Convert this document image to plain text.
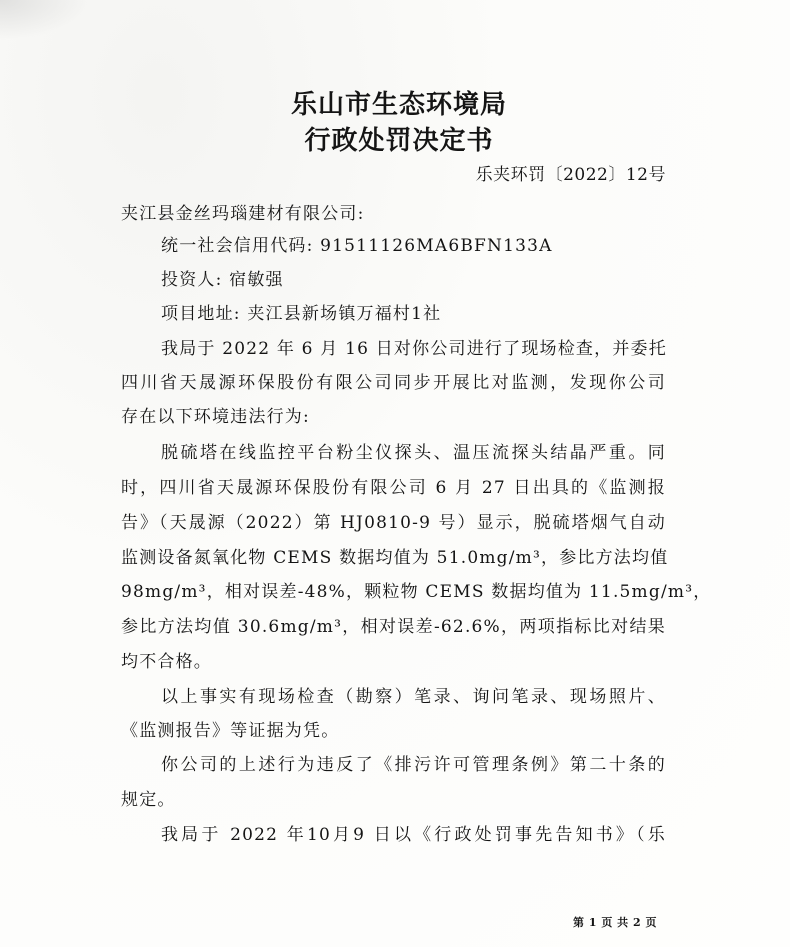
乐山市生态环境局
行政处罚决定书
乐夹环罚〔2022〕12号
夹江县金丝玛瑙建材有限公司:
统一社会信用代码: 91511126MA6BFN133A
投资人: 宿敏强
项目地址: 夹江县新场镇万福村1社
我局于 2022 年 6 月 16 日对你公司进行了现场检查，并委托
四川省天晟源环保股份有限公司同步开展比对监测，发现你公司
存在以下环境违法行为:
脱硫塔在线监控平台粉尘仪探头、温压流探头结晶严重。同
时，四川省天晟源环保股份有限公司 6 月 27 日出具的《监测报
告》（天晟源（2022）第 HJ0810-9 号）显示，脱硫塔烟气自动
监测设备氮氧化物 CEMS 数据均值为 51.0mg/m³，参比方法均值
98mg/m³，相对误差-48%，颗粒物 CEMS 数据均值为 11.5mg/m³，
参比方法均值 30.6mg/m³，相对误差-62.6%，两项指标比对结果
均不合格。
以上事实有现场检查（勘察）笔录、询问笔录、现场照片、
《监测报告》等证据为凭。
你公司的上述行为违反了《排污许可管理条例》第二十条的
规定。
我局于 2022 年10月9 日以《行政处罚事先告知书》（乐
第 1 页 共 2 页
